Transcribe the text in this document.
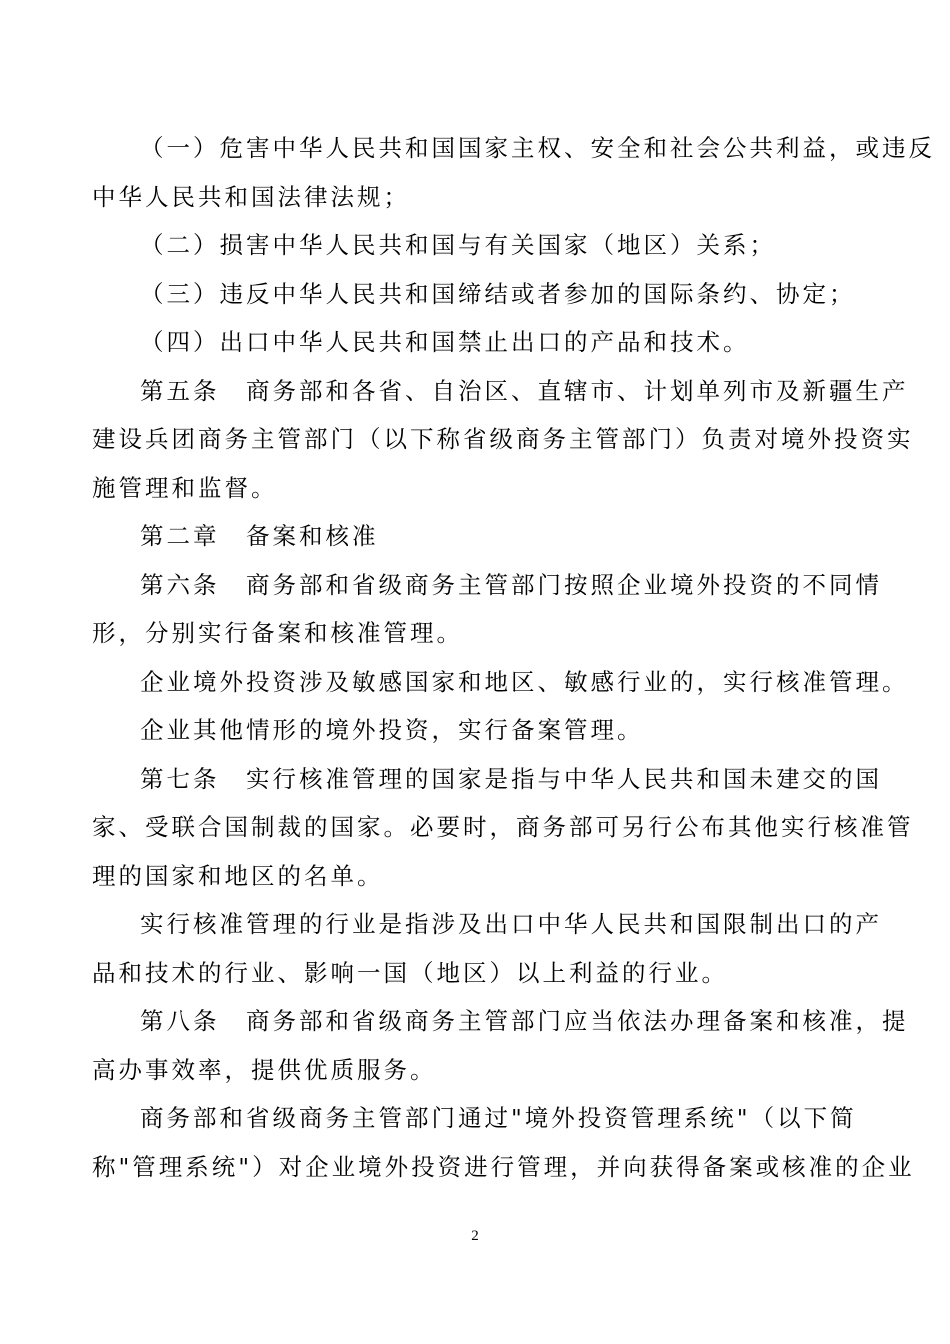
（一）危害中华人民共和国国家主权、安全和社会公共利益，或违反
中华人民共和国法律法规；

（二）损害中华人民共和国与有关国家（地区）关系；

（三）违反中华人民共和国缔结或者参加的国际条约、协定；

（四）出口中华人民共和国禁止出口的产品和技术。

第五条　商务部和各省、自治区、直辖市、计划单列市及新疆生产
建设兵团商务主管部门（以下称省级商务主管部门）负责对境外投资实
施管理和监督。

第二章　备案和核准

第六条　商务部和省级商务主管部门按照企业境外投资的不同情
形，分别实行备案和核准管理。

企业境外投资涉及敏感国家和地区、敏感行业的，实行核准管理。

企业其他情形的境外投资，实行备案管理。

第七条　实行核准管理的国家是指与中华人民共和国未建交的国
家、受联合国制裁的国家。必要时，商务部可另行公布其他实行核准管
理的国家和地区的名单。

实行核准管理的行业是指涉及出口中华人民共和国限制出口的产
品和技术的行业、影响一国（地区）以上利益的行业。

第八条　商务部和省级商务主管部门应当依法办理备案和核准，提
高办事效率，提供优质服务。

商务部和省级商务主管部门通过"境外投资管理系统"（以下简
称"管理系统"）对企业境外投资进行管理，并向获得备案或核准的企业

2
